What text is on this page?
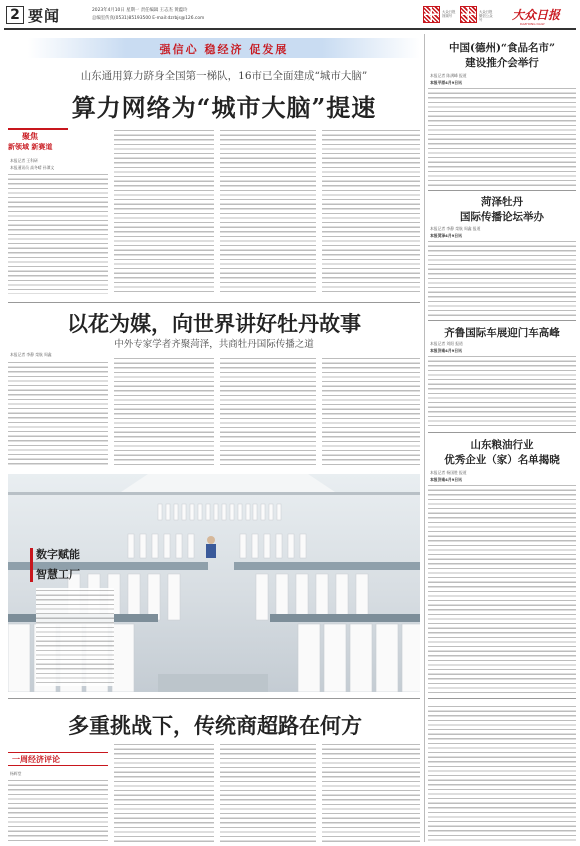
2 要闻	2023年4月10日 星期一 责任编辑 王志杰 黄蕴玲
总编室传真(0531)85193500 E-mail:dzrbjs@126.com
大众日报视频号
大众日报微信公众号	大众日报
DAZHONG DAILY
强信心 稳经济 促发展
山东通用算力跻身全国第一梯队，16市已全面建成“城市大脑”
算力网络为“城市大脑”提速
聚焦
新领域 新赛道
本报记者 王科研
本报通讯员 高冬晴 孙谭文
以花为媒，向世界讲好牡丹故事
中外专家学者齐聚菏泽，共商牡丹国际传播之道
本报记者 李静 栾航 周鑫
数字赋能
智慧工厂
多重挑战下，传统商超路在何方
一周经济评论
杨辉堂
中国(德州)“食品名市”
建设推介会举行
本报记者 陈满峰 报道
本报平原4月9日讯
菏泽牡丹
国际传播论坛举办
本报记者 李静 栾航 周鑫 报道
本报菏泽4月9日讯
齐鲁国际车展迎门车高峰
本报记者 刘阳 报道
本报济南4月9日讯
山东粮油行业
优秀企业（家）名单揭晓
本报记者 杨国胜 报道
本报济南4月9日讯
